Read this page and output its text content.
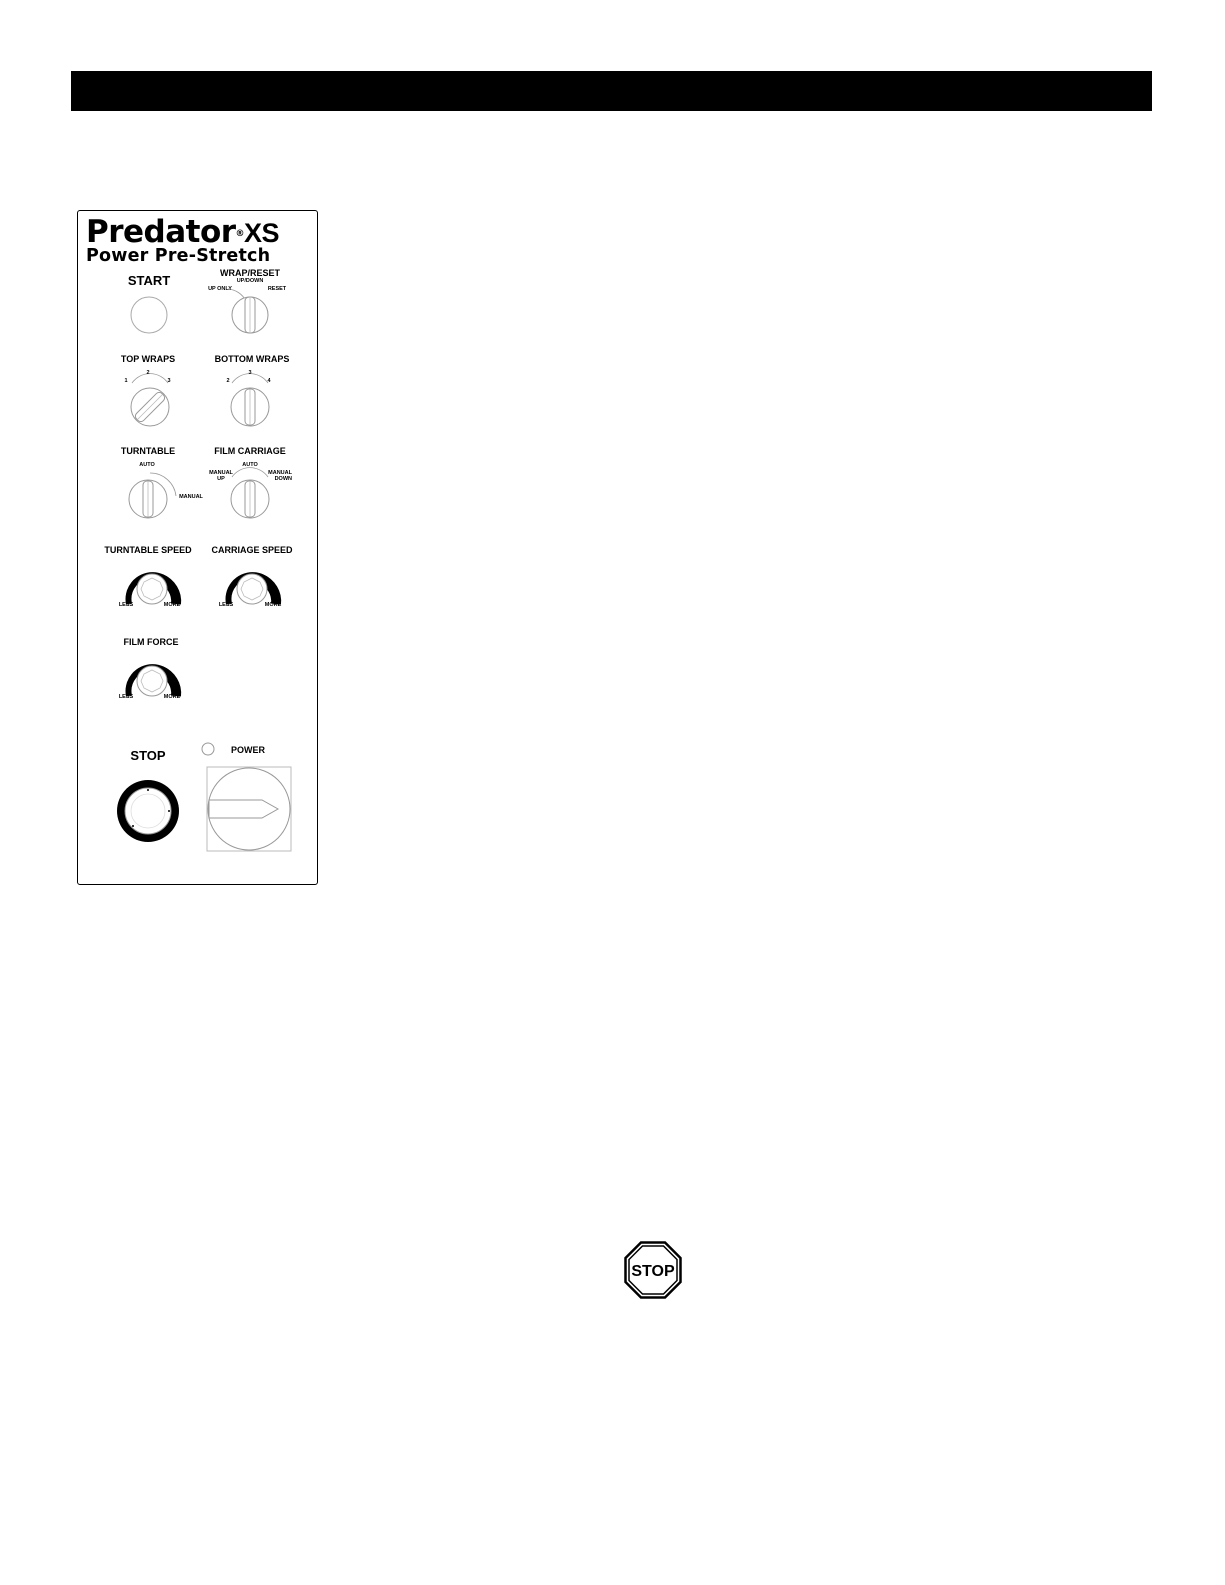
Predator®XS
Power Pre-Stretch
START	WRAP/RESET
UP/DOWN
UP ONLY	RESET
TOP WRAPS
1
2
3
BOTTOM WRAPS
2
3
4
TURNTABLE
AUTO
MANUAL
FILM CARRIAGE
AUTO
MANUAL
UP
MANUAL
DOWN
TURNTABLE SPEED
LESS	MORE
CARRIAGE SPEED
LESS	MORE
FILM FORCE
LESS	MORE
STOP	POWER
STOP
